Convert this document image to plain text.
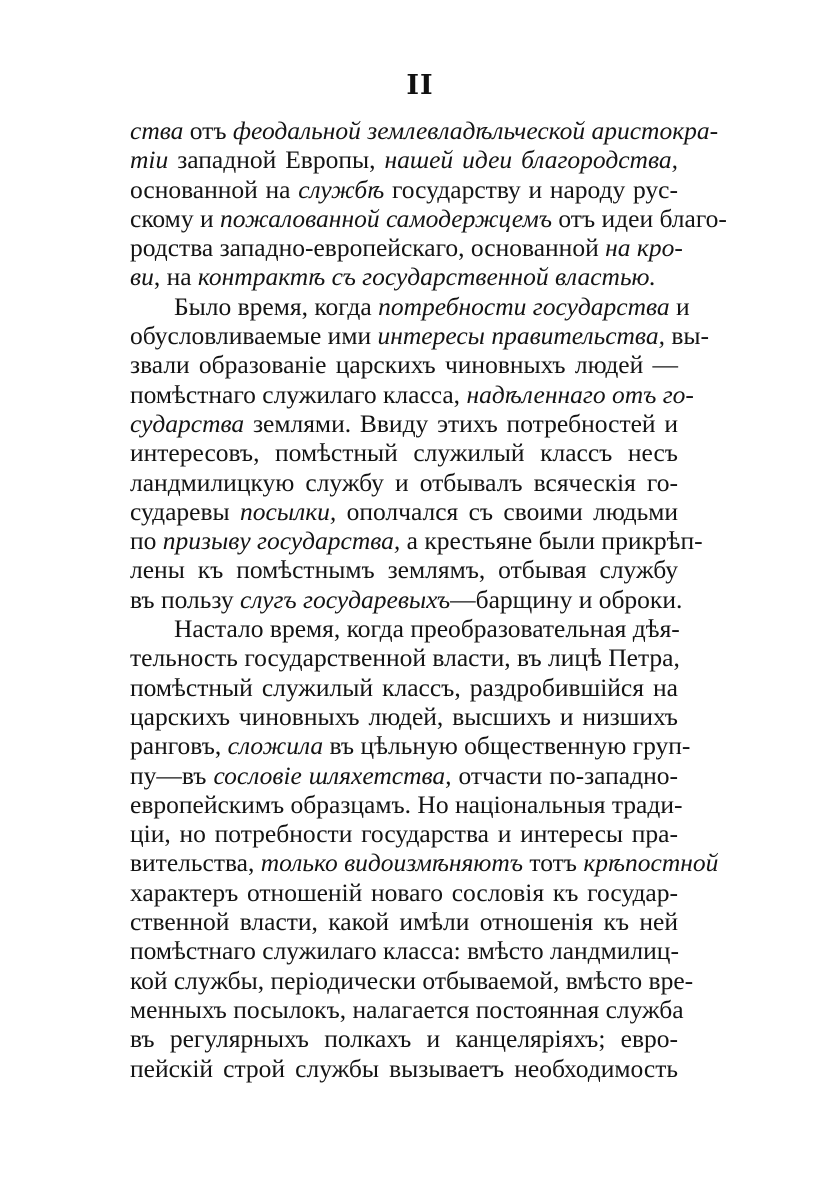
II
ства отъ феодальной землевладѣльческой аристокра-
тіи западной Европы, нашей идеи благородства,
основанной на службѣ государству и народу рус-
скому и пожалованной самодержцемъ отъ идеи благо-
родства западно-европейскаго, основанной на кро-
ви, на контрактѣ съ государственной властью.
Было время, когда потребности государства и
обусловливаемые ими интересы правительства, вы-
звали образованіе царскихъ чиновныхъ людей —
помѣстнаго служилаго класса, надѣленнаго отъ го-
сударства землями. Ввиду этихъ потребностей и
интересовъ, помѣстный служилый классъ несъ
ландмилицкую службу и отбывалъ всяческія го-
сударевы посылки, ополчался съ своими людьми
по призыву государства, а крестьяне были прикрѣп-
лены къ помѣстнымъ землямъ, отбывая службу
въ пользу слугъ государевыхъ—барщину и оброки.
Настало время, когда преобразовательная дѣя-
тельность государственной власти, въ лицѣ Петра,
помѣстный служилый классъ, раздробившійся на
царскихъ чиновныхъ людей, высшихъ и низшихъ
ранговъ, сложила въ цѣльную общественную груп-
пу—въ сословіе шляхетства, отчасти по-западно-
европейскимъ образцамъ. Но національныя тради-
ціи, но потребности государства и интересы пра-
вительства, только видоизмѣняютъ тотъ крѣпостной
характеръ отношеній новаго сословія къ государ-
ственной власти, какой имѣли отношенія къ ней
помѣстнаго служилаго класса: вмѣсто ландмилиц-
кой службы, періодически отбываемой, вмѣсто вре-
менныхъ посылокъ, налагается постоянная служба
въ регулярныхъ полкахъ и канцеляріяхъ; евро-
пейскій строй службы вызываетъ необходимость
